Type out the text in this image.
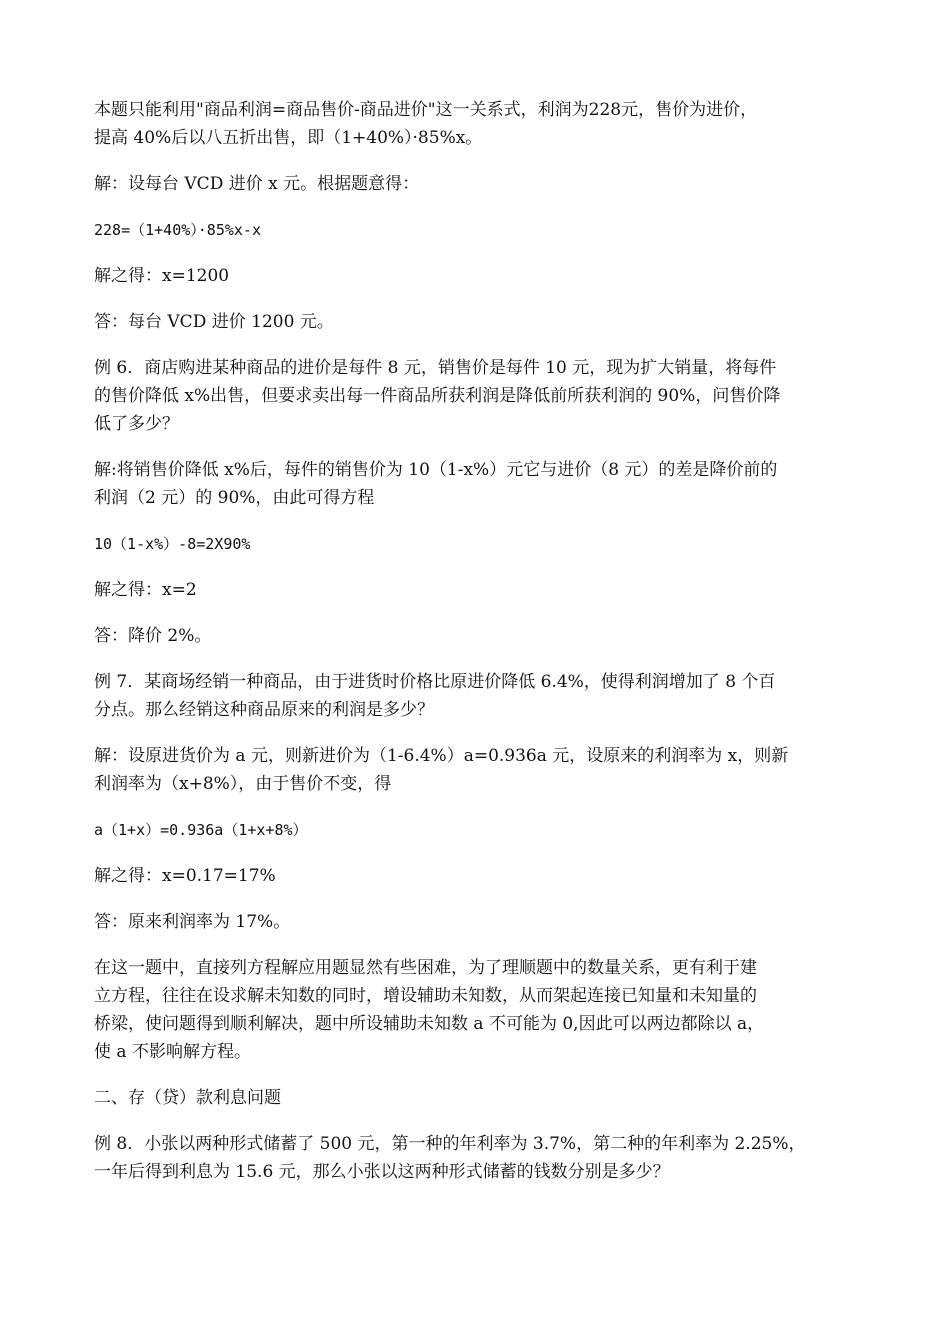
本题只能利用"商品利润=商品售价-商品进价"这一关系式，利润为228元，售价为进价，
提高 40%后以八五折出售，即（1+40%）·85%x。

解：设每台 VCD 进价 x 元。根据题意得：

228=（1+40%）·85%x-x

解之得：x=1200

答：每台 VCD 进价 1200 元。

例 6．商店购进某种商品的进价是每件 8 元，销售价是每件 10 元，现为扩大销量，将每件
的售价降低 x%出售，但要求卖出每一件商品所获利润是降低前所获利润的 90%，问售价降
低了多少？

解:将销售价降低 x%后，每件的销售价为 10（1-x%）元它与进价（8 元）的差是降价前的
利润（2 元）的 90%，由此可得方程

10（1-x%）-8=2X90%

解之得：x=2

答：降价 2%。

例 7．某商场经销一种商品，由于进货时价格比原进价降低 6.4%，使得利润增加了 8 个百
分点。那么经销这种商品原来的利润是多少？

解：设原进货价为 a 元，则新进价为（1-6.4%）a=0.936a 元，设原来的利润率为 x，则新
利润率为（x+8%），由于售价不变，得

a（1+x）=0.936a（1+x+8%）

解之得：x=0.17=17%

答：原来利润率为 17%。

在这一题中，直接列方程解应用题显然有些困难，为了理顺题中的数量关系，更有利于建
立方程，往往在设求解未知数的同时，增设辅助未知数，从而架起连接已知量和未知量的
桥梁，使问题得到顺利解决，题中所设辅助未知数 a 不可能为 0,因此可以两边都除以 a，
使 a 不影响解方程。

二、存（贷）款利息问题

例 8．小张以两种形式储蓄了 500 元，第一种的年利率为 3.7%，第二种的年利率为 2.25%，
一年后得到利息为 15.6 元，那么小张以这两种形式储蓄的钱数分别是多少？
